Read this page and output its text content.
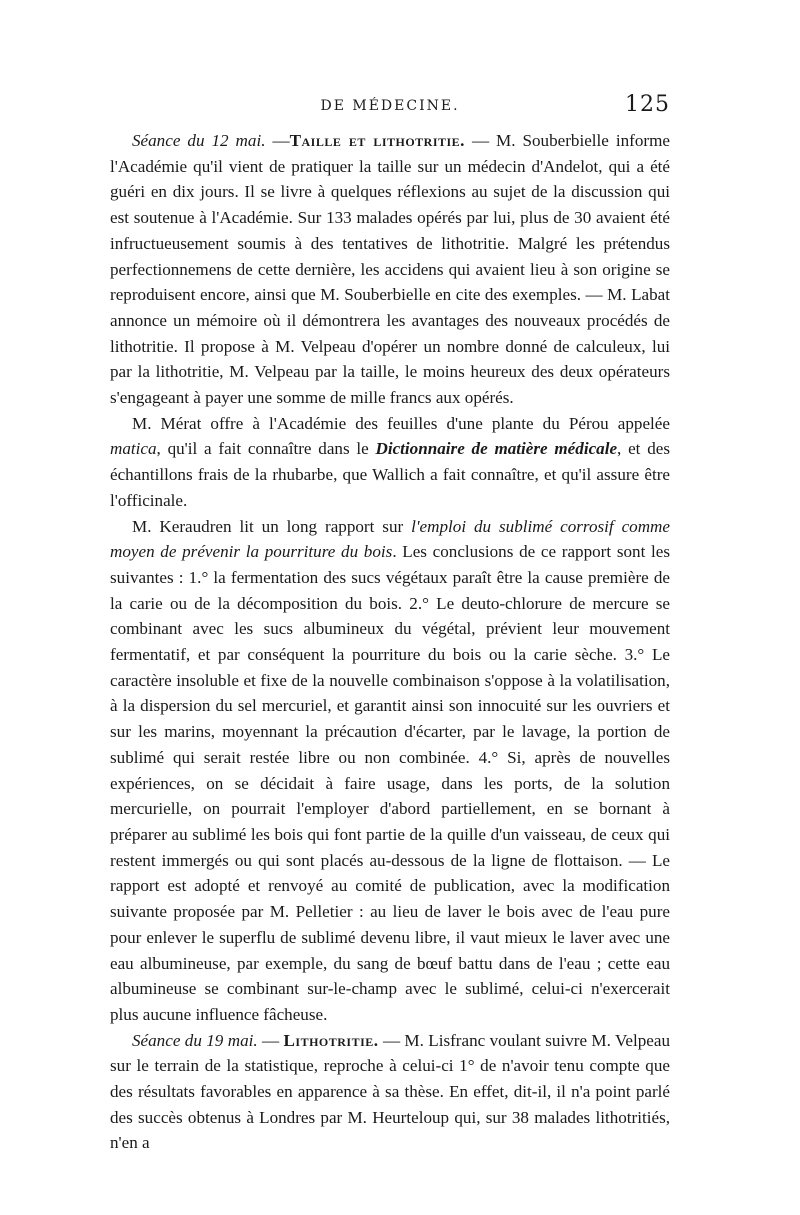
DE MÉDECINE.	125

Séance du 12 mai. —Taille et lithotritie. — M. Souberbielle informe l'Académie qu'il vient de pratiquer la taille sur un médecin d'Andelot, qui a été guéri en dix jours. Il se livre à quelques réflexions au sujet de la discussion qui est soutenue à l'Académie. Sur 133 malades opérés par lui, plus de 30 avaient été infructueusement soumis à des tentatives de lithotritie. Malgré les prétendus perfectionnemens de cette dernière, les accidens qui avaient lieu à son origine se reproduisent encore, ainsi que M. Souberbielle en cite des exemples. — M. Labat annonce un mémoire où il démontrera les avantages des nouveaux procédés de lithotritie. Il propose à M. Velpeau d'opérer un nombre donné de calculeux, lui par la lithotritie, M. Velpeau par la taille, le moins heureux des deux opérateurs s'engageant à payer une somme de mille francs aux opérés.

M. Mérat offre à l'Académie des feuilles d'une plante du Pérou appelée matica, qu'il a fait connaître dans le Dictionnaire de matière médicale, et des échantillons frais de la rhubarbe, que Wallich a fait connaître, et qu'il assure être l'officinale.

M. Keraudren lit un long rapport sur l'emploi du sublimé corrosif comme moyen de prévenir la pourriture du bois. Les conclusions de ce rapport sont les suivantes : 1.° la fermentation des sucs végétaux paraît être la cause première de la carie ou de la décomposition du bois. 2.° Le deuto-chlorure de mercure se combinant avec les sucs albumineux du végétal, prévient leur mouvement fermentatif, et par conséquent la pourriture du bois ou la carie sèche. 3.° Le caractère insoluble et fixe de la nouvelle combinaison s'oppose à la volatilisation, à la dispersion du sel mercuriel, et garantit ainsi son innocuité sur les ouvriers et sur les marins, moyennant la précaution d'écarter, par le lavage, la portion de sublimé qui serait restée libre ou non combinée. 4.° Si, après de nouvelles expériences, on se décidait à faire usage, dans les ports, de la solution mercurielle, on pourrait l'employer d'abord partiellement, en se bornant à préparer au sublimé les bois qui font partie de la quille d'un vaisseau, de ceux qui restent immergés ou qui sont placés au-dessous de la ligne de flottaison. — Le rapport est adopté et renvoyé au comité de publication, avec la modification suivante proposée par M. Pelletier : au lieu de laver le bois avec de l'eau pure pour enlever le superflu de sublimé devenu libre, il vaut mieux le laver avec une eau albumineuse, par exemple, du sang de bœuf battu dans de l'eau ; cette eau albumineuse se combinant sur-le-champ avec le sublimé, celui-ci n'exercerait plus aucune influence fâcheuse.

Séance du 19 mai. — Lithotritie. — M. Lisfranc voulant suivre M. Velpeau sur le terrain de la statistique, reproche à celui-ci 1° de n'avoir tenu compte que des résultats favorables en apparence à sa thèse. En effet, dit-il, il n'a point parlé des succès obtenus à Londres par M. Heurteloup qui, sur 38 malades lithotritiés, n'en a
